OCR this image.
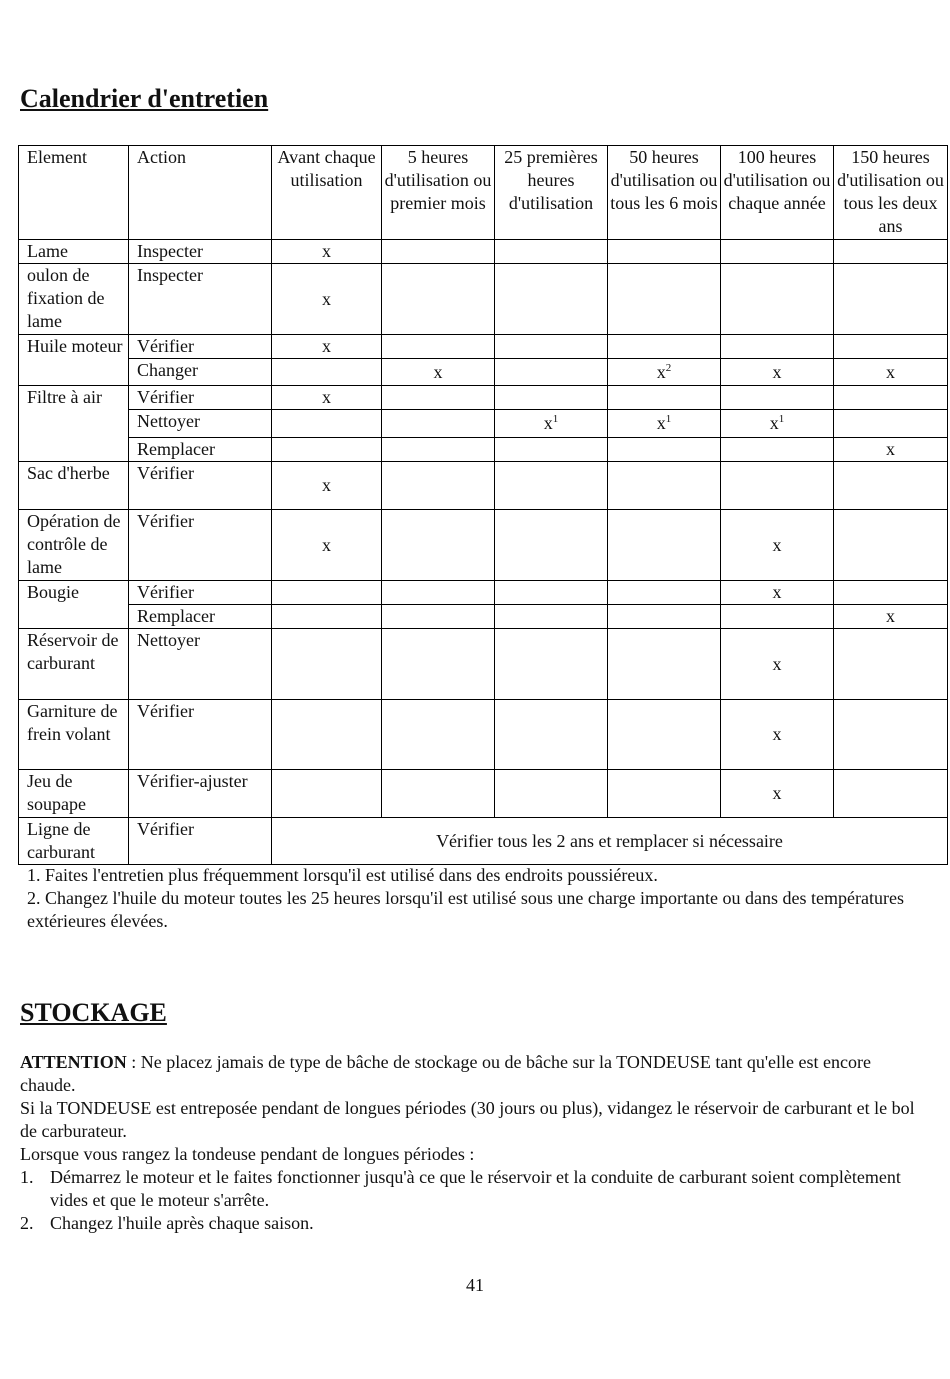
Calendrier d'entretien
Element	Action	Avant chaque utilisation	5 heures d'utilisation ou premier mois	25 premières heures d'utilisation	50 heures d'utilisation ou tous les 6 mois	100 heures d'utilisation ou chaque année	150 heures d'utilisation ou tous les deux ans
Lame	Inspecter	x					
oulon de fixation de lame	Inspecter	x					
Huile moteur	Vérifier	x					
	Changer		x		$x^2$	x	x
Filtre à air	Vérifier	x					
	Nettoyer			$x^1$	$x^1$	$x^1$	
	Remplacer						x
Sac d'herbe	Vérifier	x					
Opération de contrôle de lame	Vérifier	x				x	
Bougie	Vérifier					x	
	Remplacer						x
Réservoir de carburant	Nettoyer					x	
Garniture de frein volant	Vérifier					x	
Jeu de soupape	Vérifier-ajuster					x	
Ligne de carburant	Vérifier	Vérifier tous les 2 ans et remplacer si nécessaire					

1. Faites l'entretien plus fréquemment lorsqu'il est utilisé dans des endroits poussiéreux.

2. Changez l'huile du moteur toutes les 25 heures lorsqu'il est utilisé sous une charge importante ou dans des températures extérieures élevées.

STOCKAGE

ATTENTION : Ne placez jamais de type de bâche de stockage ou de bâche sur la TONDEUSE tant qu'elle est encore chaude.

Si la TONDEUSE est entreposée pendant de longues périodes (30 jours ou plus), vidangez le réservoir de carburant et le bol de carburateur.

Lorsque vous rangez la tondeuse pendant de longues périodes :

1. Démarrez le moteur et le faites fonctionner jusqu'à ce que le réservoir et la conduite de carburant soient complètement vides et que le moteur s'arrête.
2. Changez l'huile après chaque saison.
41
